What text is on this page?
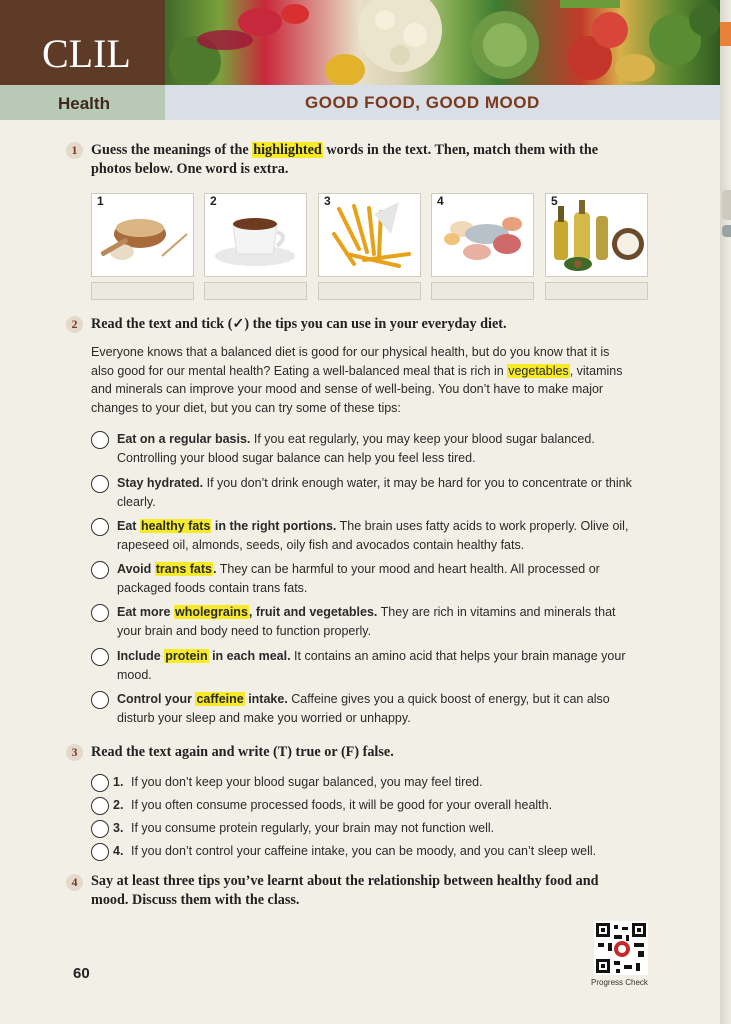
CLIL
Health	GOOD FOOD, GOOD MOOD
1 Guess the meanings of the highlighted words in the text. Then, match them with the
photos below. One word is extra.
1	2	3	4	5
2 Read the text and tick (✓) the tips you can use in your everyday diet.
Everyone knows that a balanced diet is good for our physical health, but do you know that it is
also good for our mental health? Eating a well-balanced meal that is rich in vegetables, vitamins
and minerals can improve your mood and sense of well-being. You don’t have to make major
changes to your diet, but you can try some of these tips:
Eat on a regular basis. If you eat regularly, you may keep your blood sugar balanced.
Controlling your blood sugar balance can help you feel less tired.
Stay hydrated. If you don’t drink enough water, it may be hard for you to concentrate or think
clearly.
Eat healthy fats in the right portions. The brain uses fatty acids to work properly. Olive oil,
rapeseed oil, almonds, seeds, oily fish and avocados contain healthy fats.
Avoid trans fats. They can be harmful to your mood and heart health. All processed or
packaged foods contain trans fats.
Eat more wholegrains, fruit and vegetables. They are rich in vitamins and minerals that
your brain and body need to function properly.
Include protein in each meal. It contains an amino acid that helps your brain manage your
mood.
Control your caffeine intake. Caffeine gives you a quick boost of energy, but it can also
disturb your sleep and make you worried or unhappy.
3 Read the text again and write (T) true or (F) false.
1. If you don’t keep your blood sugar balanced, you may feel tired.
2. If you often consume processed foods, it will be good for your overall health.
3. If you consume protein regularly, your brain may not function well.
4. If you don’t control your caffeine intake, you can be moody, and you can’t sleep well.
4 Say at least three tips you’ve learnt about the relationship between healthy food and
mood. Discuss them with the class.
60
Progress Check
